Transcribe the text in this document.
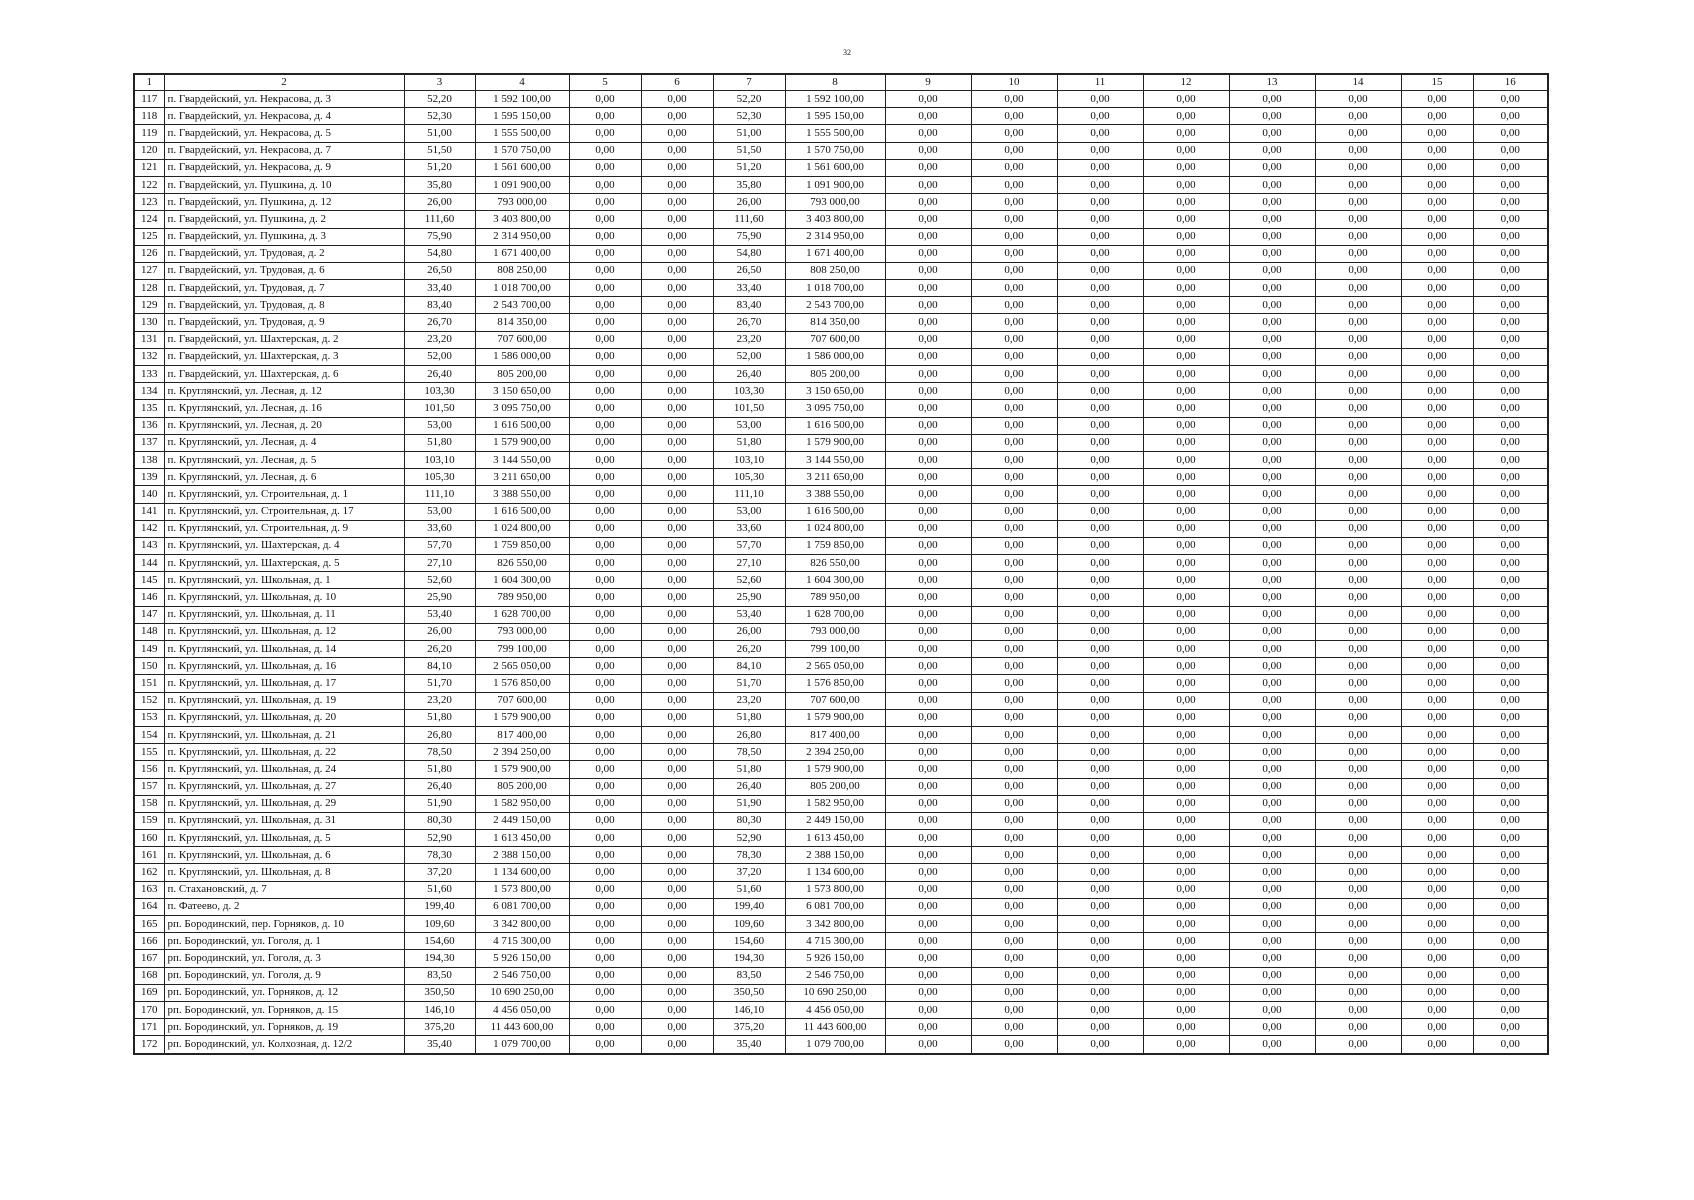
32
1	2	3	4	5	6	7	8	9	10	11	12	13	14	15	16
117	п. Гвардейский, ул. Некрасова, д. 3	52,20	1 592 100,00	0,00	0,00	52,20	1 592 100,00	0,00	0,00	0,00	0,00	0,00	0,00	0,00	0,00
118	п. Гвардейский, ул. Некрасова, д. 4	52,30	1 595 150,00	0,00	0,00	52,30	1 595 150,00	0,00	0,00	0,00	0,00	0,00	0,00	0,00	0,00
119	п. Гвардейский, ул. Некрасова, д. 5	51,00	1 555 500,00	0,00	0,00	51,00	1 555 500,00	0,00	0,00	0,00	0,00	0,00	0,00	0,00	0,00
120	п. Гвардейский, ул. Некрасова, д. 7	51,50	1 570 750,00	0,00	0,00	51,50	1 570 750,00	0,00	0,00	0,00	0,00	0,00	0,00	0,00	0,00
121	п. Гвардейский, ул. Некрасова, д. 9	51,20	1 561 600,00	0,00	0,00	51,20	1 561 600,00	0,00	0,00	0,00	0,00	0,00	0,00	0,00	0,00
122	п. Гвардейский, ул. Пушкина, д. 10	35,80	1 091 900,00	0,00	0,00	35,80	1 091 900,00	0,00	0,00	0,00	0,00	0,00	0,00	0,00	0,00
123	п. Гвардейский, ул. Пушкина, д. 12	26,00	793 000,00	0,00	0,00	26,00	793 000,00	0,00	0,00	0,00	0,00	0,00	0,00	0,00	0,00
124	п. Гвардейский, ул. Пушкина, д. 2	111,60	3 403 800,00	0,00	0,00	111,60	3 403 800,00	0,00	0,00	0,00	0,00	0,00	0,00	0,00	0,00
125	п. Гвардейский, ул. Пушкина, д. 3	75,90	2 314 950,00	0,00	0,00	75,90	2 314 950,00	0,00	0,00	0,00	0,00	0,00	0,00	0,00	0,00
126	п. Гвардейский, ул. Трудовая, д. 2	54,80	1 671 400,00	0,00	0,00	54,80	1 671 400,00	0,00	0,00	0,00	0,00	0,00	0,00	0,00	0,00
127	п. Гвардейский, ул. Трудовая, д. 6	26,50	808 250,00	0,00	0,00	26,50	808 250,00	0,00	0,00	0,00	0,00	0,00	0,00	0,00	0,00
128	п. Гвардейский, ул. Трудовая, д. 7	33,40	1 018 700,00	0,00	0,00	33,40	1 018 700,00	0,00	0,00	0,00	0,00	0,00	0,00	0,00	0,00
129	п. Гвардейский, ул. Трудовая, д. 8	83,40	2 543 700,00	0,00	0,00	83,40	2 543 700,00	0,00	0,00	0,00	0,00	0,00	0,00	0,00	0,00
130	п. Гвардейский, ул. Трудовая, д. 9	26,70	814 350,00	0,00	0,00	26,70	814 350,00	0,00	0,00	0,00	0,00	0,00	0,00	0,00	0,00
131	п. Гвардейский, ул. Шахтерская, д. 2	23,20	707 600,00	0,00	0,00	23,20	707 600,00	0,00	0,00	0,00	0,00	0,00	0,00	0,00	0,00
132	п. Гвардейский, ул. Шахтерская, д. 3	52,00	1 586 000,00	0,00	0,00	52,00	1 586 000,00	0,00	0,00	0,00	0,00	0,00	0,00	0,00	0,00
133	п. Гвардейский, ул. Шахтерская, д. 6	26,40	805 200,00	0,00	0,00	26,40	805 200,00	0,00	0,00	0,00	0,00	0,00	0,00	0,00	0,00
134	п. Круглянский, ул. Лесная, д. 12	103,30	3 150 650,00	0,00	0,00	103,30	3 150 650,00	0,00	0,00	0,00	0,00	0,00	0,00	0,00	0,00
135	п. Круглянский, ул. Лесная, д. 16	101,50	3 095 750,00	0,00	0,00	101,50	3 095 750,00	0,00	0,00	0,00	0,00	0,00	0,00	0,00	0,00
136	п. Круглянский, ул. Лесная, д. 20	53,00	1 616 500,00	0,00	0,00	53,00	1 616 500,00	0,00	0,00	0,00	0,00	0,00	0,00	0,00	0,00
137	п. Круглянский, ул. Лесная, д. 4	51,80	1 579 900,00	0,00	0,00	51,80	1 579 900,00	0,00	0,00	0,00	0,00	0,00	0,00	0,00	0,00
138	п. Круглянский, ул. Лесная, д. 5	103,10	3 144 550,00	0,00	0,00	103,10	3 144 550,00	0,00	0,00	0,00	0,00	0,00	0,00	0,00	0,00
139	п. Круглянский, ул. Лесная, д. 6	105,30	3 211 650,00	0,00	0,00	105,30	3 211 650,00	0,00	0,00	0,00	0,00	0,00	0,00	0,00	0,00
140	п. Круглянский, ул. Строительная, д. 1	111,10	3 388 550,00	0,00	0,00	111,10	3 388 550,00	0,00	0,00	0,00	0,00	0,00	0,00	0,00	0,00
141	п. Круглянский, ул. Строительная, д. 17	53,00	1 616 500,00	0,00	0,00	53,00	1 616 500,00	0,00	0,00	0,00	0,00	0,00	0,00	0,00	0,00
142	п. Круглянский, ул. Строительная, д. 9	33,60	1 024 800,00	0,00	0,00	33,60	1 024 800,00	0,00	0,00	0,00	0,00	0,00	0,00	0,00	0,00
143	п. Круглянский, ул. Шахтерская, д. 4	57,70	1 759 850,00	0,00	0,00	57,70	1 759 850,00	0,00	0,00	0,00	0,00	0,00	0,00	0,00	0,00
144	п. Круглянский, ул. Шахтерская, д. 5	27,10	826 550,00	0,00	0,00	27,10	826 550,00	0,00	0,00	0,00	0,00	0,00	0,00	0,00	0,00
145	п. Круглянский, ул. Школьная, д. 1	52,60	1 604 300,00	0,00	0,00	52,60	1 604 300,00	0,00	0,00	0,00	0,00	0,00	0,00	0,00	0,00
146	п. Круглянский, ул. Школьная, д. 10	25,90	789 950,00	0,00	0,00	25,90	789 950,00	0,00	0,00	0,00	0,00	0,00	0,00	0,00	0,00
147	п. Круглянский, ул. Школьная, д. 11	53,40	1 628 700,00	0,00	0,00	53,40	1 628 700,00	0,00	0,00	0,00	0,00	0,00	0,00	0,00	0,00
148	п. Круглянский, ул. Школьная, д. 12	26,00	793 000,00	0,00	0,00	26,00	793 000,00	0,00	0,00	0,00	0,00	0,00	0,00	0,00	0,00
149	п. Круглянский, ул. Школьная, д. 14	26,20	799 100,00	0,00	0,00	26,20	799 100,00	0,00	0,00	0,00	0,00	0,00	0,00	0,00	0,00
150	п. Круглянский, ул. Школьная, д. 16	84,10	2 565 050,00	0,00	0,00	84,10	2 565 050,00	0,00	0,00	0,00	0,00	0,00	0,00	0,00	0,00
151	п. Круглянский, ул. Школьная, д. 17	51,70	1 576 850,00	0,00	0,00	51,70	1 576 850,00	0,00	0,00	0,00	0,00	0,00	0,00	0,00	0,00
152	п. Круглянский, ул. Школьная, д. 19	23,20	707 600,00	0,00	0,00	23,20	707 600,00	0,00	0,00	0,00	0,00	0,00	0,00	0,00	0,00
153	п. Круглянский, ул. Школьная, д. 20	51,80	1 579 900,00	0,00	0,00	51,80	1 579 900,00	0,00	0,00	0,00	0,00	0,00	0,00	0,00	0,00
154	п. Круглянский, ул. Школьная, д. 21	26,80	817 400,00	0,00	0,00	26,80	817 400,00	0,00	0,00	0,00	0,00	0,00	0,00	0,00	0,00
155	п. Круглянский, ул. Школьная, д. 22	78,50	2 394 250,00	0,00	0,00	78,50	2 394 250,00	0,00	0,00	0,00	0,00	0,00	0,00	0,00	0,00
156	п. Круглянский, ул. Школьная, д. 24	51,80	1 579 900,00	0,00	0,00	51,80	1 579 900,00	0,00	0,00	0,00	0,00	0,00	0,00	0,00	0,00
157	п. Круглянский, ул. Школьная, д. 27	26,40	805 200,00	0,00	0,00	26,40	805 200,00	0,00	0,00	0,00	0,00	0,00	0,00	0,00	0,00
158	п. Круглянский, ул. Школьная, д. 29	51,90	1 582 950,00	0,00	0,00	51,90	1 582 950,00	0,00	0,00	0,00	0,00	0,00	0,00	0,00	0,00
159	п. Круглянский, ул. Школьная, д. 31	80,30	2 449 150,00	0,00	0,00	80,30	2 449 150,00	0,00	0,00	0,00	0,00	0,00	0,00	0,00	0,00
160	п. Круглянский, ул. Школьная, д. 5	52,90	1 613 450,00	0,00	0,00	52,90	1 613 450,00	0,00	0,00	0,00	0,00	0,00	0,00	0,00	0,00
161	п. Круглянский, ул. Школьная, д. 6	78,30	2 388 150,00	0,00	0,00	78,30	2 388 150,00	0,00	0,00	0,00	0,00	0,00	0,00	0,00	0,00
162	п. Круглянский, ул. Школьная, д. 8	37,20	1 134 600,00	0,00	0,00	37,20	1 134 600,00	0,00	0,00	0,00	0,00	0,00	0,00	0,00	0,00
163	п. Стахановский, д. 7	51,60	1 573 800,00	0,00	0,00	51,60	1 573 800,00	0,00	0,00	0,00	0,00	0,00	0,00	0,00	0,00
164	п. Фатеево, д. 2	199,40	6 081 700,00	0,00	0,00	199,40	6 081 700,00	0,00	0,00	0,00	0,00	0,00	0,00	0,00	0,00
165	рп. Бородинский, пер. Горняков, д. 10	109,60	3 342 800,00	0,00	0,00	109,60	3 342 800,00	0,00	0,00	0,00	0,00	0,00	0,00	0,00	0,00
166	рп. Бородинский, ул. Гоголя, д. 1	154,60	4 715 300,00	0,00	0,00	154,60	4 715 300,00	0,00	0,00	0,00	0,00	0,00	0,00	0,00	0,00
167	рп. Бородинский, ул. Гоголя, д. 3	194,30	5 926 150,00	0,00	0,00	194,30	5 926 150,00	0,00	0,00	0,00	0,00	0,00	0,00	0,00	0,00
168	рп. Бородинский, ул. Гоголя, д. 9	83,50	2 546 750,00	0,00	0,00	83,50	2 546 750,00	0,00	0,00	0,00	0,00	0,00	0,00	0,00	0,00
169	рп. Бородинский, ул. Горняков, д. 12	350,50	10 690 250,00	0,00	0,00	350,50	10 690 250,00	0,00	0,00	0,00	0,00	0,00	0,00	0,00	0,00
170	рп. Бородинский, ул. Горняков, д. 15	146,10	4 456 050,00	0,00	0,00	146,10	4 456 050,00	0,00	0,00	0,00	0,00	0,00	0,00	0,00	0,00
171	рп. Бородинский, ул. Горняков, д. 19	375,20	11 443 600,00	0,00	0,00	375,20	11 443 600,00	0,00	0,00	0,00	0,00	0,00	0,00	0,00	0,00
172	рп. Бородинский, ул. Колхозная, д. 12/2	35,40	1 079 700,00	0,00	0,00	35,40	1 079 700,00	0,00	0,00	0,00	0,00	0,00	0,00	0,00	0,00
